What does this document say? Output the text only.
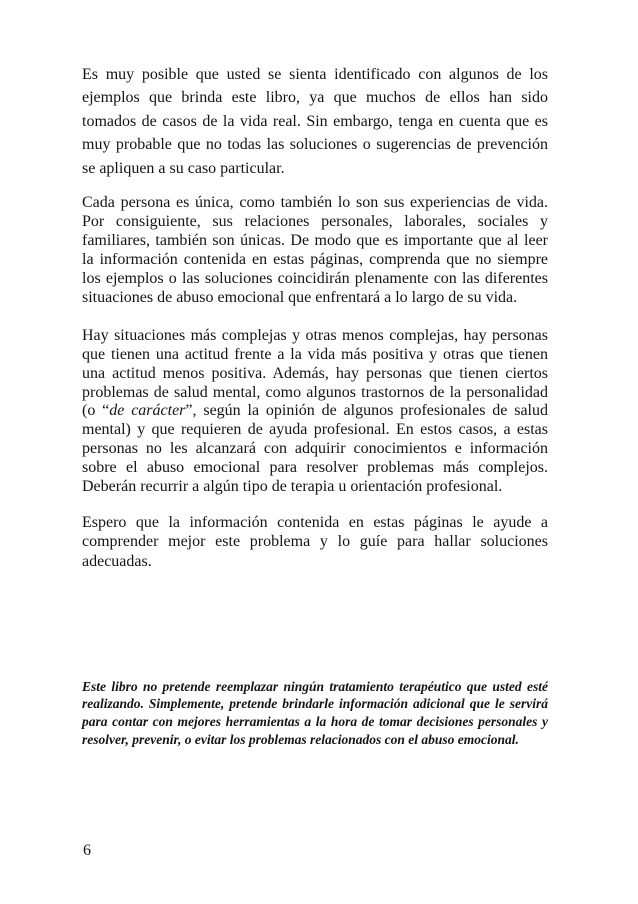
Es muy posible que usted se sienta identificado con algunos de los
ejemplos que brinda este libro, ya que muchos de ellos han sido
tomados de casos de la vida real. Sin embargo, tenga en cuenta que es
muy probable que no todas las soluciones o sugerencias de prevención
se apliquen a su caso particular.
Cada persona es única, como también lo son sus experiencias de vida.
Por consiguiente, sus relaciones personales, laborales, sociales y
familiares, también son únicas. De modo que es importante que al leer
la información contenida en estas páginas, comprenda que no siempre
los ejemplos o las soluciones coincidirán plenamente con las diferentes
situaciones de abuso emocional que enfrentará a lo largo de su vida.
Hay situaciones más complejas y otras menos complejas, hay personas
que tienen una actitud frente a la vida más positiva y otras que tienen
una actitud menos positiva. Además, hay personas que tienen ciertos
problemas de salud mental, como algunos trastornos de la personalidad
(o “de carácter”, según la opinión de algunos profesionales de salud
mental) y que requieren de ayuda profesional. En estos casos, a estas
personas no les alcanzará con adquirir conocimientos e información
sobre el abuso emocional para resolver problemas más complejos.
Deberán recurrir a algún tipo de terapia u orientación profesional.
Espero que la información contenida en estas páginas le ayude a
comprender mejor este problema y lo guíe para hallar soluciones
adecuadas.
Este libro no pretende reemplazar ningún tratamiento terapéutico que usted esté
realizando. Simplemente, pretende brindarle información adicional que le servirá
para contar con mejores herramientas a la hora de tomar decisiones personales y
resolver, prevenir, o evitar los problemas relacionados con el abuso emocional.
6
